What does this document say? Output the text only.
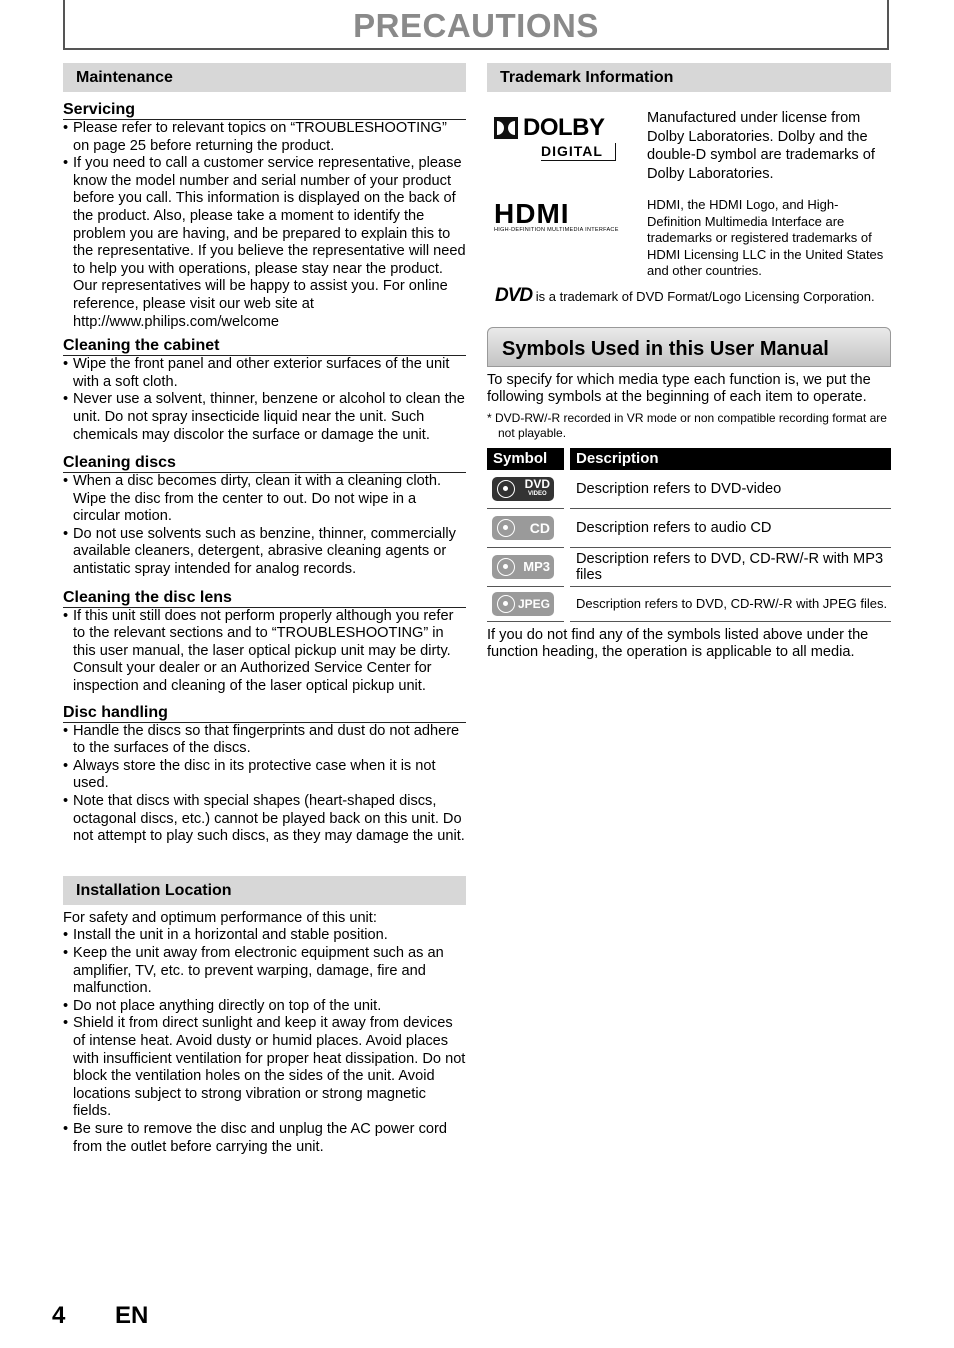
PRECAUTIONS
Maintenance
Servicing
• Please refer to relevant topics on “TROUBLESHOOTING” on page 25 before returning the product.
• If you need to call a customer service representative, please know the model number and serial number of your product before you call. This information is displayed on the back of the product. Also, please take a moment to identify the problem you are having, and be prepared to explain this to the representative. If you believe the representative will need to help you with operations, please stay near the product. Our representatives will be happy to assist you. For online reference, please visit our web site at http://www.philips.com/welcome
Cleaning the cabinet
• Wipe the front panel and other exterior surfaces of the unit with a soft cloth.
• Never use a solvent, thinner, benzene or alcohol to clean the unit. Do not spray insecticide liquid near the unit. Such chemicals may discolor the surface or damage the unit.
Cleaning discs
• When a disc becomes dirty, clean it with a cleaning cloth. Wipe the disc from the center to out. Do not wipe in a circular motion.
• Do not use solvents such as benzine, thinner, commercially available cleaners, detergent, abrasive cleaning agents or antistatic spray intended for analog records.
Cleaning the disc lens
• If this unit still does not perform properly although you refer to the relevant sections and to “TROUBLESHOOTING” in this user manual, the laser optical pickup unit may be dirty. Consult your dealer or an Authorized Service Center for inspection and cleaning of the laser optical pickup unit.
Disc handling
• Handle the discs so that fingerprints and dust do not adhere to the surfaces of the discs.
• Always store the disc in its protective case when it is not used.
• Note that discs with special shapes (heart-shaped discs, octagonal discs, etc.) cannot be played back on this unit. Do not attempt to play such discs, as they may damage the unit.
Installation Location

For safety and optimum performance of this unit:

• Install the unit in a horizontal and stable position.
• Keep the unit away from electronic equipment such as an amplifier, TV, etc. to prevent warping, damage, fire and malfunction.
• Do not place anything directly on top of the unit.
• Shield it from direct sunlight and keep it away from devices of intense heat. Avoid dusty or humid places. Avoid places with insufficient ventilation for proper heat dissipation. Do not block the ventilation holes on the sides of the unit. Avoid locations subject to strong vibration or strong magnetic fields.
• Be sure to remove the disc and unplug the AC power cord from the outlet before carrying the unit.
Trademark Information
DOLBY
DIGITAL
Manufactured under license from Dolby Laboratories. Dolby and the double-D symbol are trademarks of Dolby Laboratories.
HDMI
HIGH-DEFINITION MULTIMEDIA INTERFACE
HDMI, the HDMI Logo, and High-Definition Multimedia Interface are trademarks or registered trademarks of HDMI Licensing LLC in the United States and other countries.
DVD is a trademark of DVD Format/Logo Licensing Corporation.
Symbols Used in this User Manual

To specify for which media type each function is, we put the following symbols at the beginning of each item to operate.

* DVD-RW/-R recorded in VR mode or non compatible recording format are not playable.

Symbol	Description

DVD
VIDEO	Description refers to DVD-video

CD	Description refers to audio CD

MP3	Description refers to DVD, CD-RW/-R with MP3 files

JPEG	Description refers to DVD, CD-RW/-R with JPEG files.

If you do not find any of the symbols listed above under the function heading, the operation is applicable to all media.

4 EN
